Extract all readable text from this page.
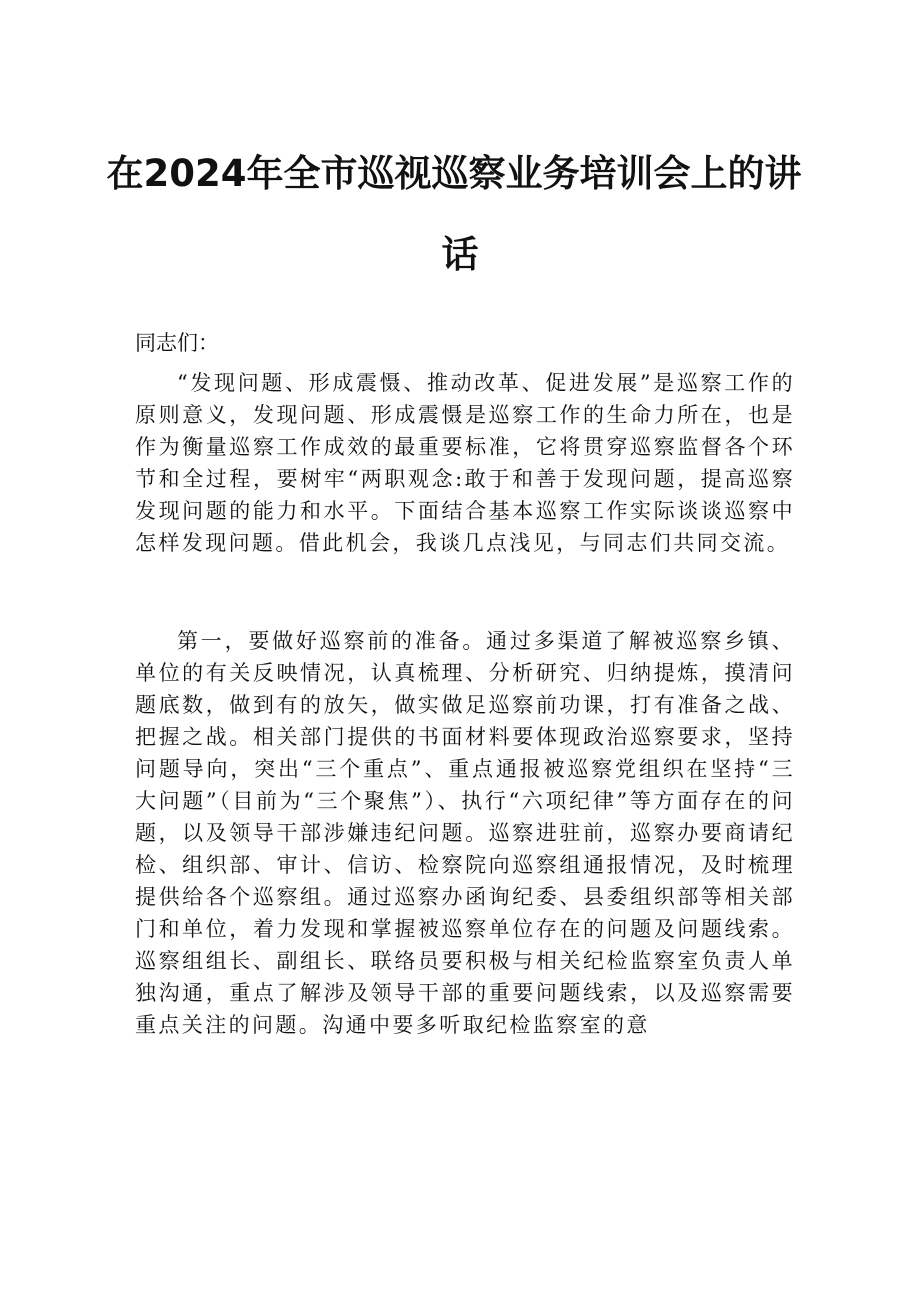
在2024年全市巡视巡察业务培训会上的讲
话
同志们：

“发现问题、形成震慑、推动改革、促进发展”是巡察工作的原则意义，发现问题、形成震慑是巡察工作的生命力所在，也是作为衡量巡察工作成效的最重要标准，它将贯穿巡察监督各个环节和全过程，要树牢“两职观念:敢于和善于发现问题，提高巡察发现问题的能力和水平。下面结合基本巡察工作实际谈谈巡察中怎样发现问题。借此机会，我谈几点浅见，与同志们共同交流。

第一，要做好巡察前的准备。通过多渠道了解被巡察乡镇、单位的有关反映情况，认真梳理、分析研究、归纳提炼，摸清问题底数，做到有的放矢，做实做足巡察前功课，打有准备之战、把握之战。相关部门提供的书面材料要体现政治巡察要求，坚持问题导向，突出“三个重点”、重点通报被巡察党组织在坚持“三大问题”（目前为“三个聚焦”）、执行“六项纪律”等方面存在的问题，以及领导干部涉嫌违纪问题。巡察进驻前，巡察办要商请纪检、组织部、审计、信访、检察院向巡察组通报情况，及时梳理提供给各个巡察组。通过巡察办函询纪委、县委组织部等相关部门和单位，着力发现和掌握被巡察单位存在的问题及问题线索。巡察组组长、副组长、联络员要积极与相关纪检监察室负责人单独沟通，重点了解涉及领导干部的重要问题线索，以及巡察需要重点关注的问题。沟通中要多听取纪检监察室的意
